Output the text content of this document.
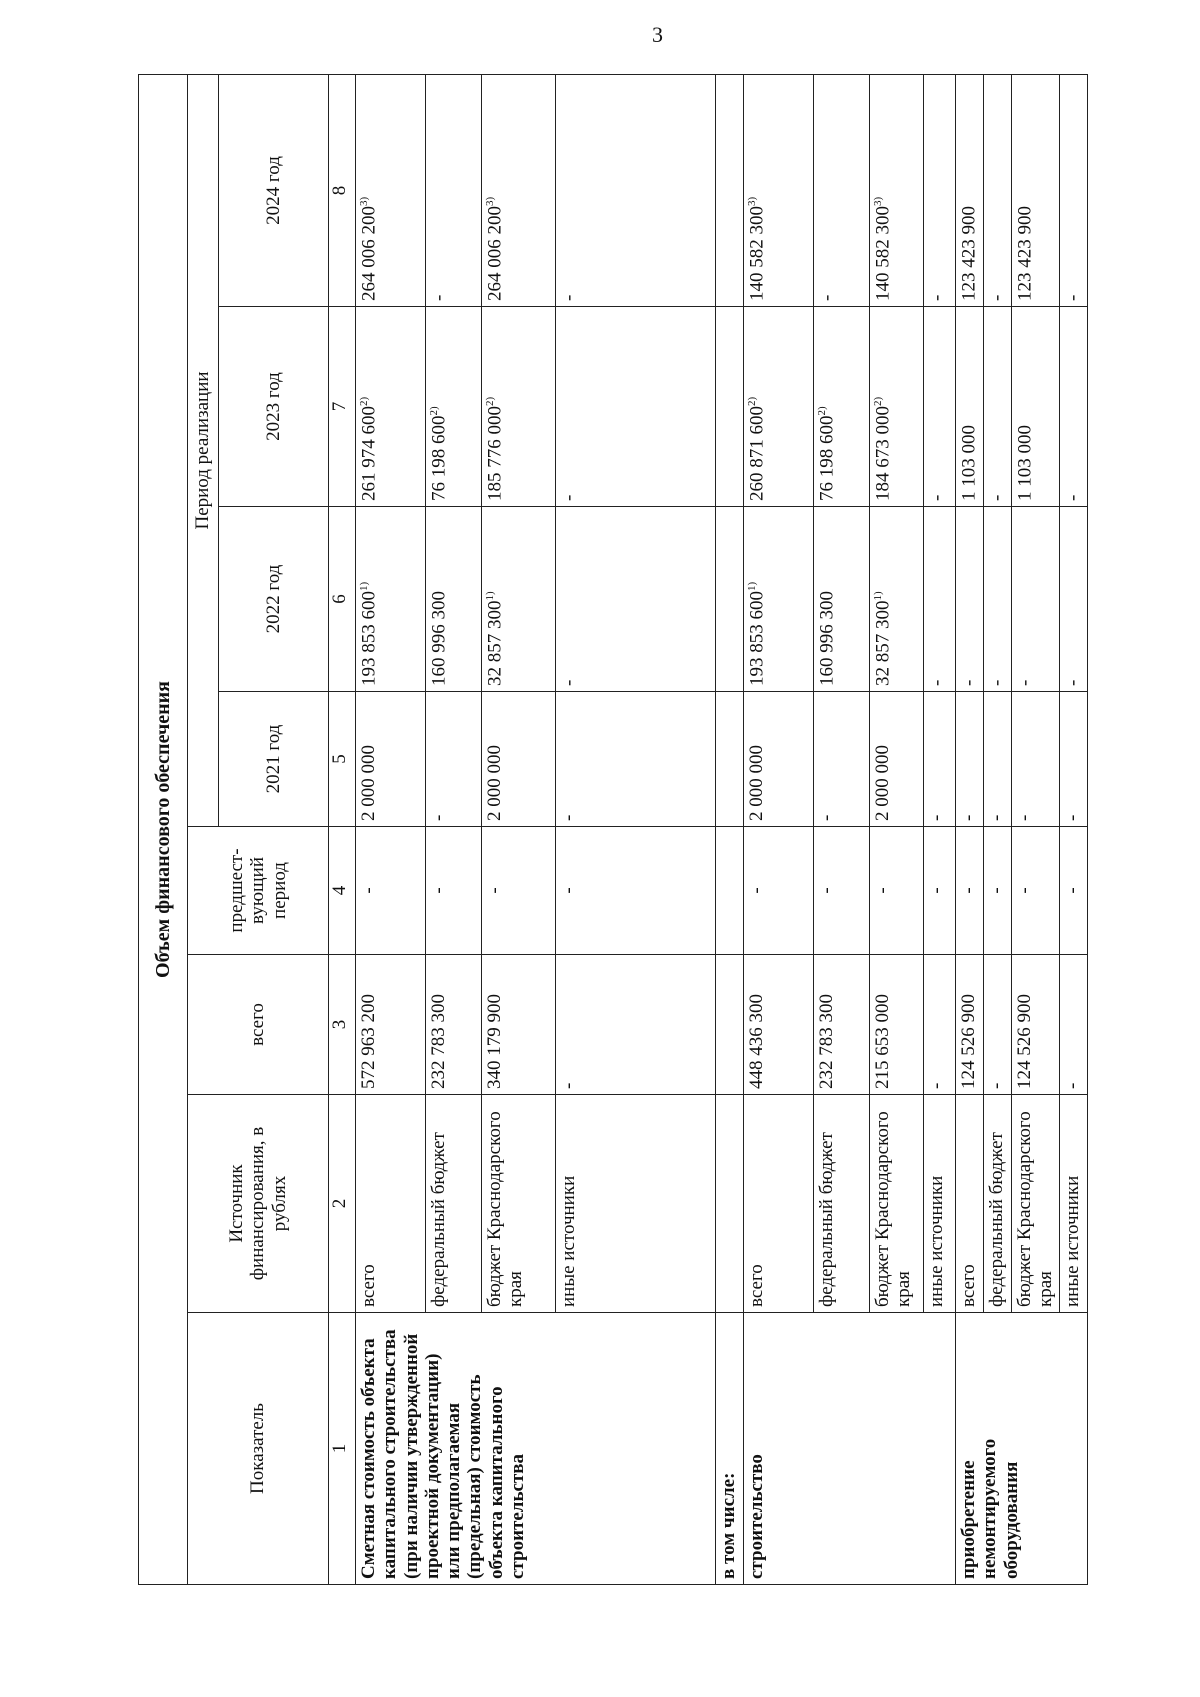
3
Объем финансового обеспечения							
Показатель	Источник финансирования, в рублях	всего	предшест-вующий период	Период реализации			
				2021 год	2022 год	2023 год	2024 год
1	2	3	4	5	6	7	8
Сметная стоимость объекта капитального строительства (при наличии утвержденной проектной документации) или предполагаемая (предельная) стоимость объекта капитального строительства	всего	572 963 200	-	2 000 000	193 853 600$^{1)}$	261 974 600$^{2)}$	264 006 200$^{3)}$
	федеральный бюджет	232 783 300	-	-	160 996 300	76 198 600$^{2)}$	-
	бюджет Краснодарского края	340 179 900	-	2 000 000	32 857 300$^{1)}$	185 776 000$^{2)}$	264 006 200$^{3)}$
	иные источники	-	-	-	-	-	-
в том числе:							
строительство	всего	448 436 300	-	2 000 000	193 853 600$^{1)}$	260 871 600$^{2)}$	140 582 300$^{3)}$
	федеральный бюджет	232 783 300	-	-	160 996 300	76 198 600$^{2)}$	-
	бюджет Краснодарского края	215 653 000	-	2 000 000	32 857 300$^{1)}$	184 673 000$^{2)}$	140 582 300$^{3)}$
	иные источники	-	-	-	-	-	-
приобретение немонтируемого оборудования	всего	124 526 900	-	-	-	1 103 000	123 423 900
	федеральный бюджет	-	-	-	-	-	-
	бюджет Краснодарского края	124 526 900	-	-	-	1 103 000	123 423 900
	иные источники	-	-	-	-	-	-
